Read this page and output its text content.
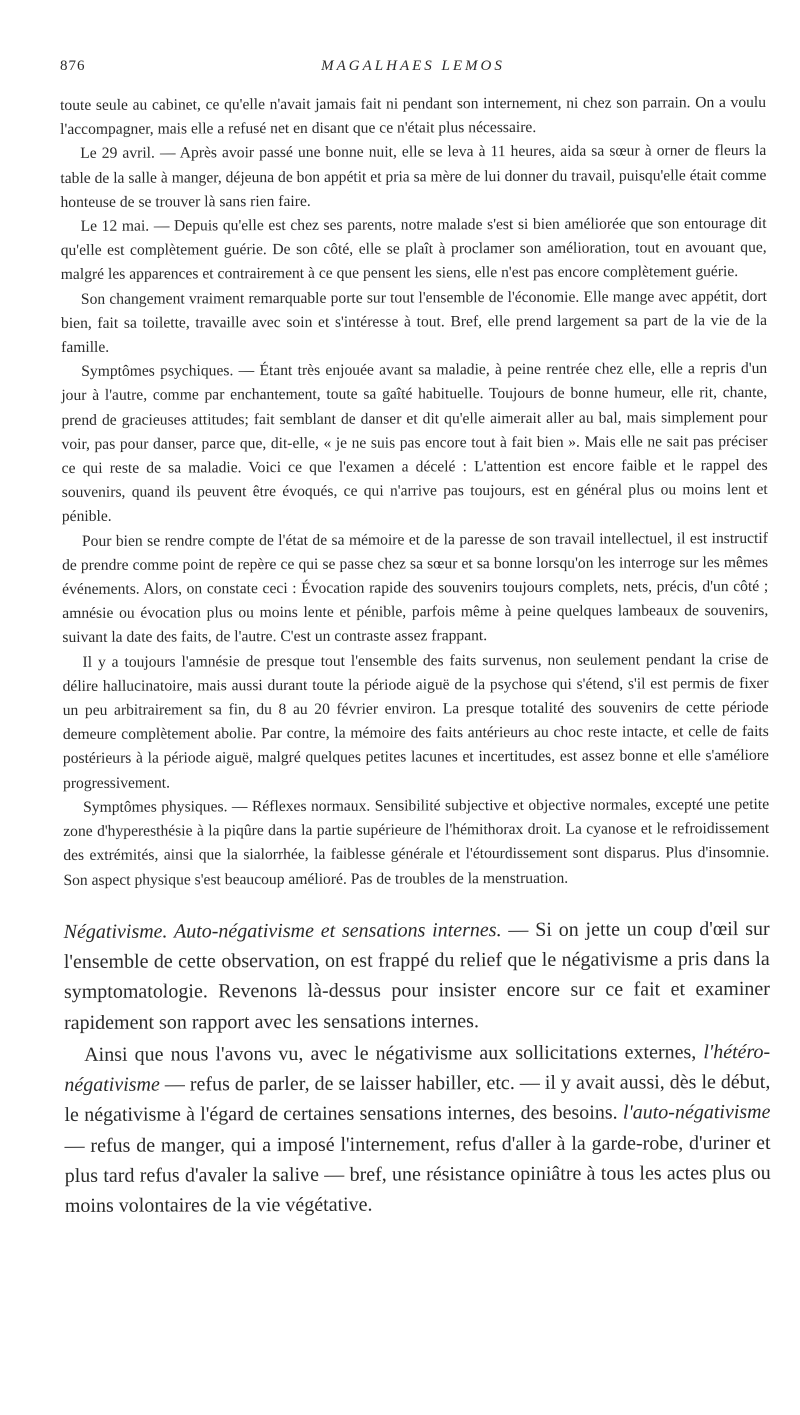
876	MAGALHAES LEMOS

toute seule au cabinet, ce qu'elle n'avait jamais fait ni pendant son internement, ni chez son parrain. On a voulu l'accompagner, mais elle a refusé net en disant que ce n'était plus nécessaire.

Le 29 avril. — Après avoir passé une bonne nuit, elle se leva à 11 heures, aida sa sœur à orner de fleurs la table de la salle à manger, déjeuna de bon appétit et pria sa mère de lui donner du travail, puisqu'elle était comme honteuse de se trouver là sans rien faire.

Le 12 mai. — Depuis qu'elle est chez ses parents, notre malade s'est si bien améliorée que son entourage dit qu'elle est complètement guérie. De son côté, elle se plaît à proclamer son amélioration, tout en avouant que, malgré les apparences et contrairement à ce que pensent les siens, elle n'est pas encore complètement guérie.

Son changement vraiment remarquable porte sur tout l'ensemble de l'économie. Elle mange avec appétit, dort bien, fait sa toilette, travaille avec soin et s'intéresse à tout. Bref, elle prend largement sa part de la vie de la famille.

Symptômes psychiques. — Étant très enjouée avant sa maladie, à peine rentrée chez elle, elle a repris d'un jour à l'autre, comme par enchantement, toute sa gaîté habituelle. Toujours de bonne humeur, elle rit, chante, prend de gracieuses attitudes; fait semblant de danser et dit qu'elle aimerait aller au bal, mais simplement pour voir, pas pour danser, parce que, dit-elle, « je ne suis pas encore tout à fait bien ». Mais elle ne sait pas préciser ce qui reste de sa maladie. Voici ce que l'examen a décelé : L'attention est encore faible et le rappel des souvenirs, quand ils peuvent être évoqués, ce qui n'arrive pas toujours, est en général plus ou moins lent et pénible.

Pour bien se rendre compte de l'état de sa mémoire et de la paresse de son travail intellectuel, il est instructif de prendre comme point de repère ce qui se passe chez sa sœur et sa bonne lorsqu'on les interroge sur les mêmes événements. Alors, on constate ceci : Évocation rapide des souvenirs toujours complets, nets, précis, d'un côté ; amnésie ou évocation plus ou moins lente et pénible, parfois même à peine quelques lambeaux de souvenirs, suivant la date des faits, de l'autre. C'est un contraste assez frappant.

Il y a toujours l'amnésie de presque tout l'ensemble des faits survenus, non seulement pendant la crise de délire hallucinatoire, mais aussi durant toute la période aiguë de la psychose qui s'étend, s'il est permis de fixer un peu arbitrairement sa fin, du 8 au 20 février environ. La presque totalité des souvenirs de cette période demeure complètement abolie. Par contre, la mémoire des faits antérieurs au choc reste intacte, et celle de faits postérieurs à la période aiguë, malgré quelques petites lacunes et incertitudes, est assez bonne et elle s'améliore progressivement.

Symptômes physiques. — Réflexes normaux. Sensibilité subjective et objective normales, excepté une petite zone d'hyperesthésie à la piqûre dans la partie supérieure de l'hémithorax droit. La cyanose et le refroidissement des extrémités, ainsi que la sialorrhée, la faiblesse générale et l'étourdissement sont disparus. Plus d'insomnie. Son aspect physique s'est beaucoup amélioré. Pas de troubles de la menstruation.

Négativisme. Auto-négativisme et sensations internes. — Si on jette un coup d'œil sur l'ensemble de cette observation, on est frappé du relief que le négativisme a pris dans la symptomatologie. Revenons là-dessus pour insister encore sur ce fait et examiner rapidement son rapport avec les sensations internes.

Ainsi que nous l'avons vu, avec le négativisme aux sollicitations externes, l'hétéro-négativisme — refus de parler, de se laisser habiller, etc. — il y avait aussi, dès le début, le négativisme à l'égard de certaines sensations internes, des besoins. l'auto-négativisme — refus de manger, qui a imposé l'internement, refus d'aller à la garde-robe, d'uriner et plus tard refus d'avaler la salive — bref, une résistance opiniâtre à tous les actes plus ou moins volontaires de la vie végétative.
